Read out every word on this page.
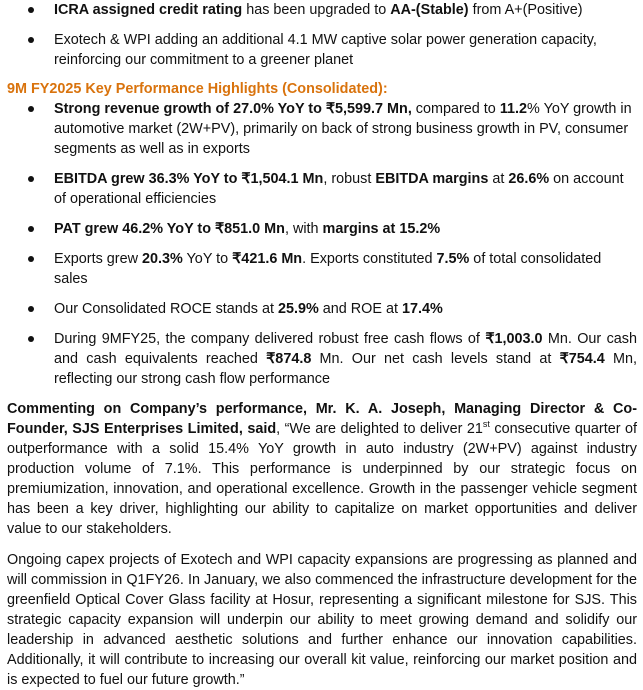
ICRA assigned credit rating has been upgraded to AA-(Stable) from A+(Positive)
Exotech & WPI adding an additional 4.1 MW captive solar power generation capacity, reinforcing our commitment to a greener planet
9M FY2025 Key Performance Highlights (Consolidated):
Strong revenue growth of 27.0% YoY to ₹5,599.7 Mn, compared to 11.2% YoY growth in automotive market (2W+PV), primarily on back of strong business growth in PV, consumer segments as well as in exports
EBITDA grew 36.3% YoY to ₹1,504.1 Mn, robust EBITDA margins at 26.6% on account of operational efficiencies
PAT grew 46.2% YoY to ₹851.0 Mn, with margins at 15.2%
Exports grew 20.3% YoY to ₹421.6 Mn. Exports constituted 7.5% of total consolidated sales
Our Consolidated ROCE stands at 25.9% and ROE at 17.4%
During 9MFY25, the company delivered robust free cash flows of ₹1,003.0 Mn. Our cash and cash equivalents reached ₹874.8 Mn. Our net cash levels stand at ₹754.4 Mn, reflecting our strong cash flow performance

Commenting on Company’s performance, Mr. K. A. Joseph, Managing Director & Co-Founder, SJS Enterprises Limited, said, “We are delighted to deliver 21st consecutive quarter of outperformance with a solid 15.4% YoY growth in auto industry (2W+PV) against industry production volume of 7.1%. This performance is underpinned by our strategic focus on premiumization, innovation, and operational excellence. Growth in the passenger vehicle segment has been a key driver, highlighting our ability to capitalize on market opportunities and deliver value to our stakeholders.

Ongoing capex projects of Exotech and WPI capacity expansions are progressing as planned and will commission in Q1FY26. In January, we also commenced the infrastructure development for the greenfield Optical Cover Glass facility at Hosur, representing a significant milestone for SJS. This strategic capacity expansion will underpin our ability to meet growing demand and solidify our leadership in advanced aesthetic solutions and further enhance our innovation capabilities. Additionally, it will contribute to increasing our overall kit value, reinforcing our market position and is expected to fuel our future growth.”
